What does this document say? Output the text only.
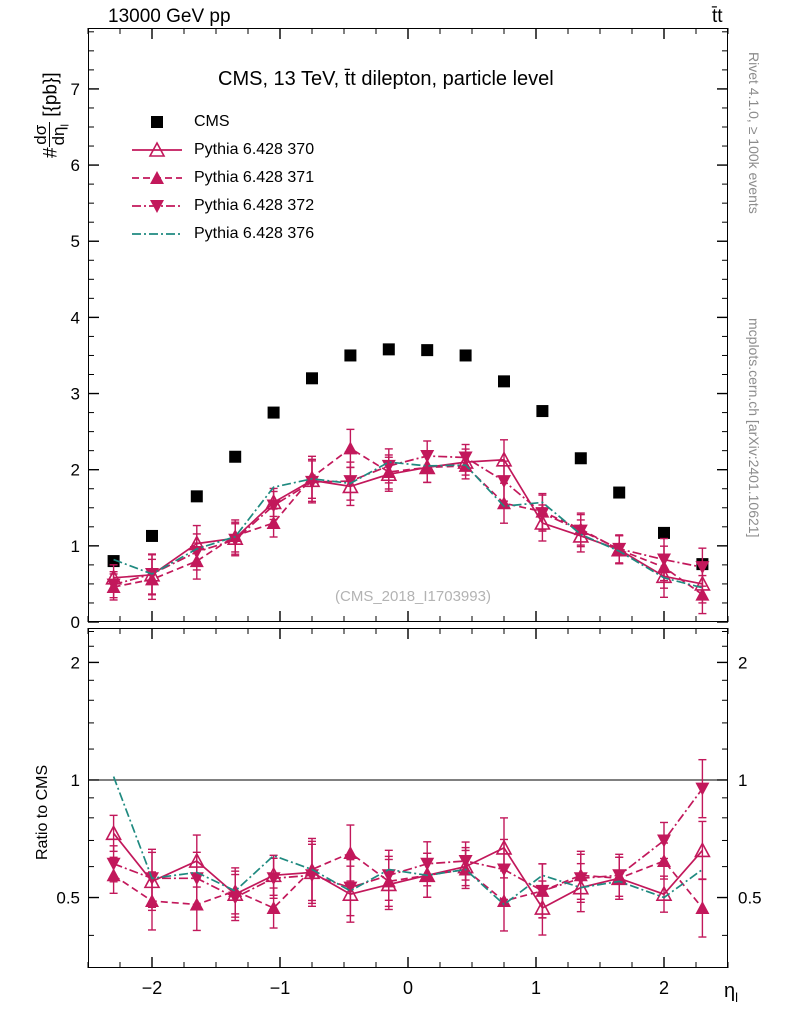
13000 GeV pp	t̄t
#
dσ $d\eta_l$
[{pb}]
Ratio to CMS
$\eta_l$
Rivet 4.1.0, ≥ 100k events
mcplots.cern.ch [arXiv:2401.10621]
0
1
2
3
4
5
6
7	CMS, 13 TeV, t̄t dilepton, particle level
(CMS_2018_I1703993)
0.5	0.5
1	1
2	2
−2	−1	0	1	2
CMS
Pythia 6.428 370
Pythia 6.428 371
Pythia 6.428 372
Pythia 6.428 376
